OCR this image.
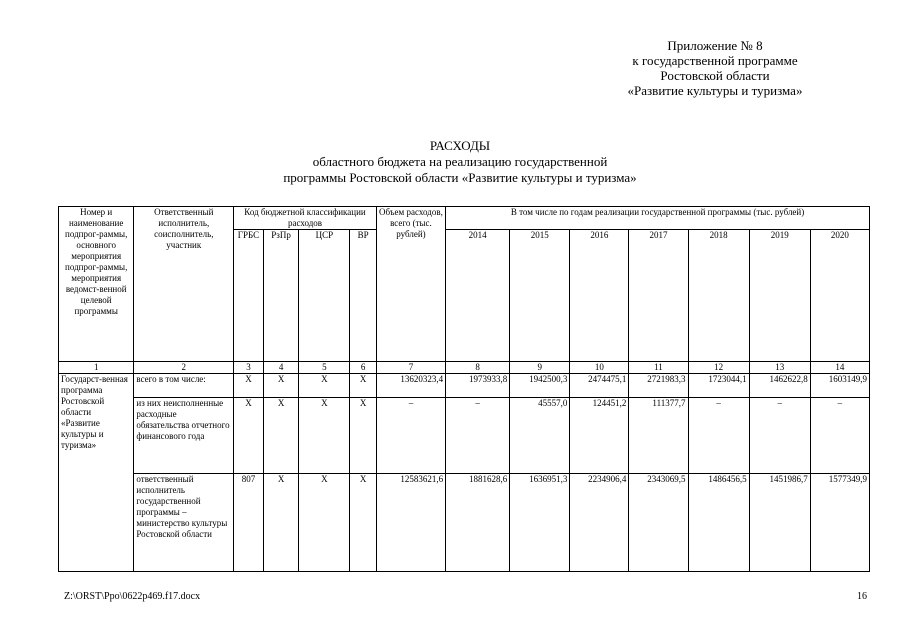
Приложение № 8
к государственной программе
Ростовской области
«Развитие культуры и туризма»
РАСХОДЫ
областного бюджета на реализацию государственной
программы Ростовской области «Развитие культуры и туризма»
Номер и наименование подпрог-раммы, основного мероприятия подпрог-раммы, мероприятия ведомст-венной целевой программы	Ответственный исполнитель, соисполнитель, участник	Код бюджетной классификации расходов				Объем расходов, всего (тыс. рублей)	В том числе по годам реализации государственной программы (тыс. рублей)						
		ГРБС	РзПр	ЦСР	ВР		2014	2015	2016	2017	2018	2019	2020
1	2	3	4	5	6	7	8	9	10	11	12	13	14
Государст-венная программа Ростовской области «Развитие культуры и туризма»	всего в том числе:	X	X	X	X	13620323,4	1973933,8	1942500,3	2474475,1	2721983,3	1723044,1	1462622,8	1603149,9
	из них неисполненные расходные обязательства отчетного финансового года	X	X	X	X	–	–	45557,0	124451,2	111377,7	–	–	–
	ответственный исполнитель государственной программы – министерство культуры Ростовской области	807	X	X	X	12583621,6	1881628,6	1636951,3	2234906,4	2343069,5	1486456,5	1451986,7	1577349,9
Z:\ORST\Ppo\0622p469.f17.docx	16
